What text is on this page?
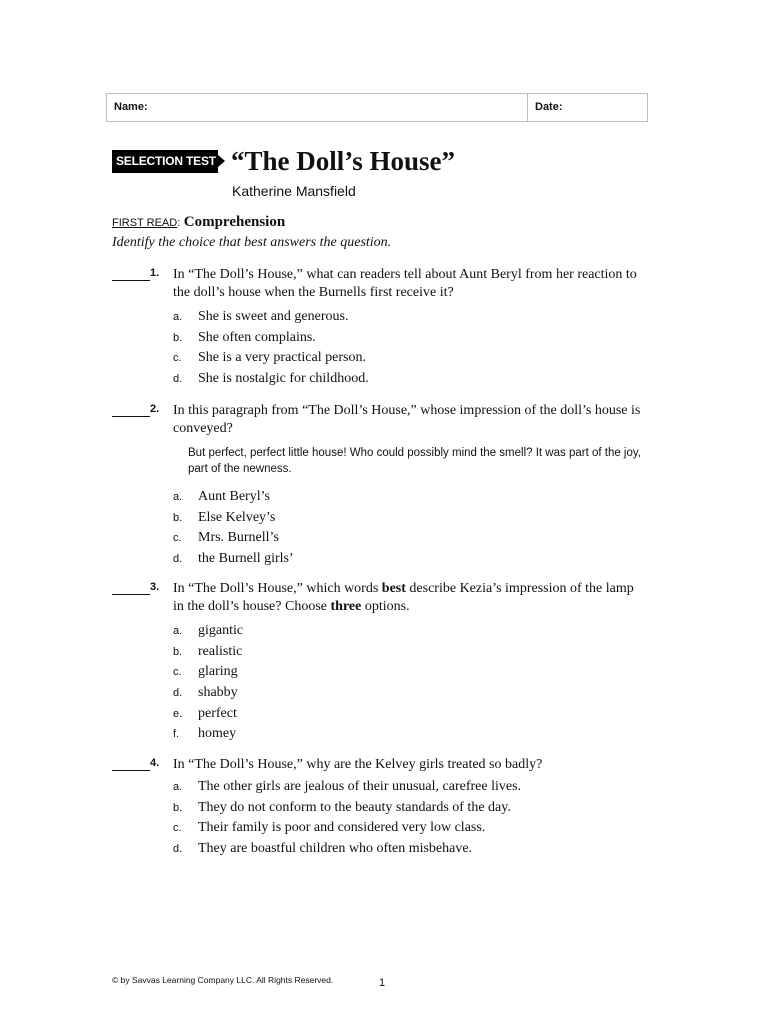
Name:	Date:
SELECTION TEST “The Doll’s House”
Katherine Mansfield
FIRST READ: Comprehension
Identify the choice that best answers the question.
1. In “The Doll’s House,” what can readers tell about Aunt Beryl from her reaction to the doll’s house when the Burnells first receive it?
a.	She is sweet and generous.
b.	She often complains.
c.	She is a very practical person.
d.	She is nostalgic for childhood.
2. In this paragraph from “The Doll’s House,” whose impression of the doll’s house is conveyed?
But perfect, perfect little house! Who could possibly mind the smell? It was part of the joy, part of the newness.
a.	Aunt Beryl’s
b.	Else Kelvey’s
c.	Mrs. Burnell’s
d.	the Burnell girls’
3. In “The Doll’s House,” which words best describe Kezia’s impression of the lamp in the doll’s house? Choose three options.
a.	gigantic
b.	realistic
c.	glaring
d.	shabby
e.	perfect
f.	homey
4. In “The Doll’s House,” why are the Kelvey girls treated so badly?
a.	The other girls are jealous of their unusual, carefree lives.
b.	They do not conform to the beauty standards of the day.
c.	Their family is poor and considered very low class.
d.	They are boastful children who often misbehave.
© by Savvas Learning Company LLC. All Rights Reserved.	1
